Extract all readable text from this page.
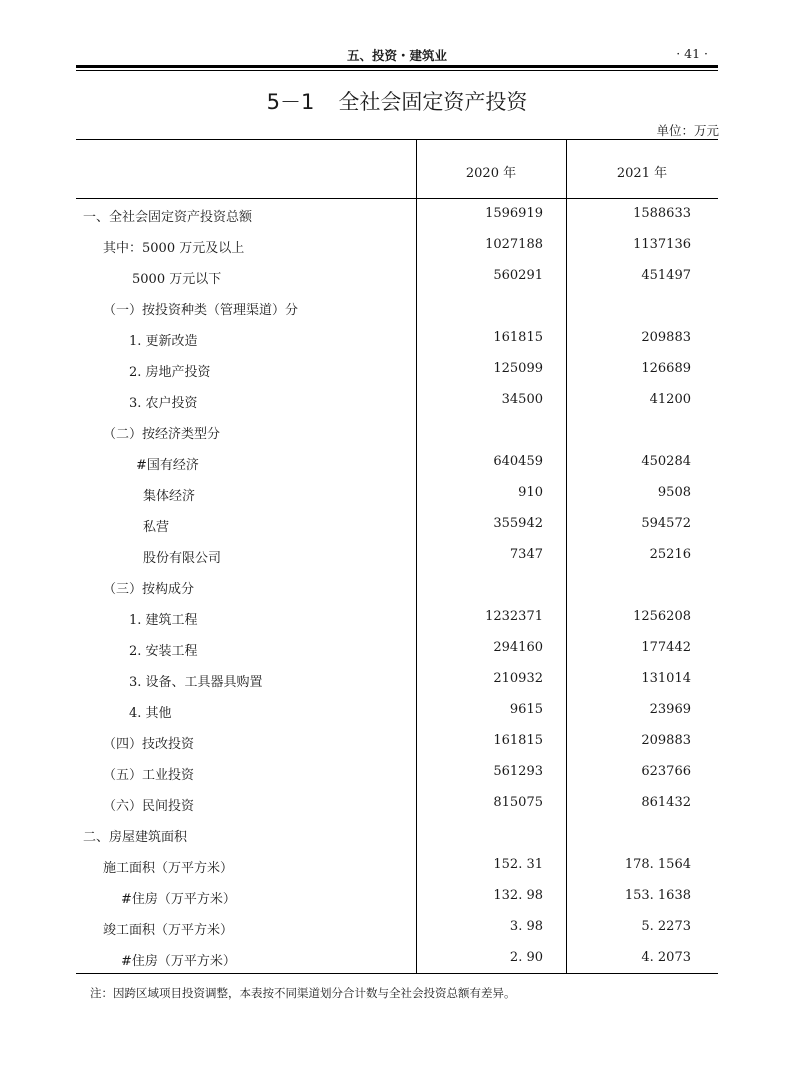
五、投资・建筑业	· 41 ·
5－1 全社会固定资产投资
单位：万元
2020 年	2021 年
一、全社会固定资产投资总额	1596919	1588633
其中：5000 万元及以上	1027188	1137136
5000 万元以下	560291	451497
（一）按投资种类（管理渠道）分
1. 更新改造	161815	209883
2. 房地产投资	125099	126689
3. 农户投资	34500	41200
（二）按经济类型分
#国有经济	640459	450284
集体经济	910	9508
私营	355942	594572
股份有限公司	7347	25216
（三）按构成分
1. 建筑工程	1232371	1256208
2. 安装工程	294160	177442
3. 设备、工具器具购置	210932	131014
4. 其他	9615	23969
（四）技改投资	161815	209883
（五）工业投资	561293	623766
（六）民间投资	815075	861432
二、房屋建筑面积
施工面积（万平方米）	152. 31	178. 1564
#住房（万平方米）	132. 98	153. 1638
竣工面积（万平方米）	3. 98	5. 2273
#住房（万平方米）	2. 90	4. 2073
注：因跨区域项目投资调整，本表按不同渠道划分合计数与全社会投资总额有差异。
